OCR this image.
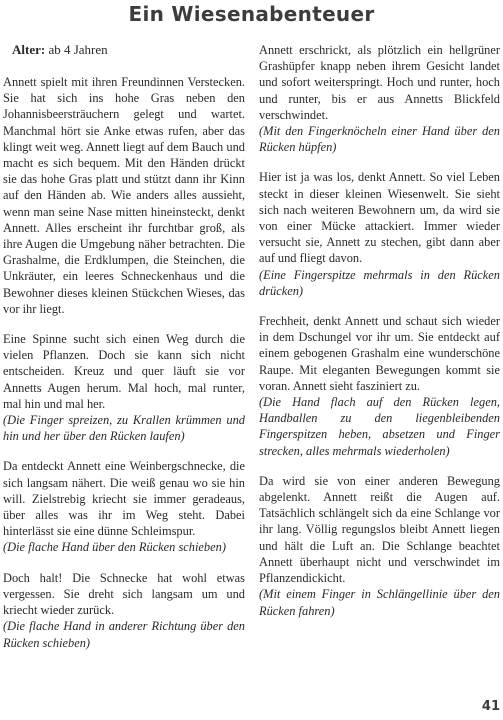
Ein Wiesenabenteuer

Alter: ab 4 Jahren

Annett spielt mit ihren Freundinnen Verstecken. Sie hat sich ins hohe Gras neben den Johannisbeersträuchern gelegt und wartet. Manchmal hört sie Anke etwas rufen, aber das klingt weit weg. Annett liegt auf dem Bauch und macht es sich bequem. Mit den Händen drückt sie das hohe Gras platt und stützt dann ihr Kinn auf den Händen ab. Wie anders alles aussieht, wenn man seine Nase mitten hineinsteckt, denkt Annett. Alles erscheint ihr furchtbar groß, als ihre Augen die Umgebung näher betrachten. Die Grashalme, die Erdklumpen, die Steinchen, die Unkräuter, ein leeres Schneckenhaus und die Bewohner dieses kleinen Stückchen Wieses, das vor ihr liegt.

Eine Spinne sucht sich einen Weg durch die vielen Pflanzen. Doch sie kann sich nicht entscheiden. Kreuz und quer läuft sie vor Annetts Augen herum. Mal hoch, mal runter, mal hin und mal her.

(Die Finger spreizen, zu Krallen krümmen und hin und her über den Rücken laufen)

Da entdeckt Annett eine Weinbergschnecke, die sich langsam nähert. Die weiß genau wo sie hin will. Zielstrebig kriecht sie immer geradeaus, über alles was ihr im Weg steht. Dabei hinterlässt sie eine dünne Schleimspur.

(Die flache Hand über den Rücken schieben)

Doch halt! Die Schnecke hat wohl etwas vergessen. Sie dreht sich langsam um und kriecht wieder zurück.

(Die flache Hand in anderer Richtung über den Rücken schieben)

Annett erschrickt, als plötzlich ein hellgrüner Grashüpfer knapp neben ihrem Gesicht landet und sofort weiterspringt. Hoch und runter, hoch und runter, bis er aus Annetts Blickfeld verschwindet.

(Mit den Fingerknöcheln einer Hand über den Rücken hüpfen)

Hier ist ja was los, denkt Annett. So viel Leben steckt in dieser kleinen Wiesenwelt. Sie sieht sich nach weiteren Bewohnern um, da wird sie von einer Mücke attackiert. Immer wieder versucht sie, Annett zu stechen, gibt dann aber auf und fliegt davon.

(Eine Fingerspitze mehrmals in den Rücken drücken)

Frechheit, denkt Annett und schaut sich wieder in dem Dschungel vor ihr um. Sie entdeckt auf einem gebogenen Grashalm eine wunderschöne Raupe. Mit eleganten Bewegungen kommt sie voran. Annett sieht fasziniert zu.

(Die Hand flach auf den Rücken legen, Handballen zu den liegenbleibenden Fingerspitzen heben, absetzen und Finger strecken, alles mehrmals wiederholen)

Da wird sie von einer anderen Bewegung abgelenkt. Annett reißt die Augen auf. Tatsächlich schlängelt sich da eine Schlange vor ihr lang. Völlig regungslos bleibt Annett liegen und hält die Luft an. Die Schlange beachtet Annett überhaupt nicht und verschwindet im Pflanzendickicht.

(Mit einem Finger in Schlängellinie über den Rücken fahren)

41
